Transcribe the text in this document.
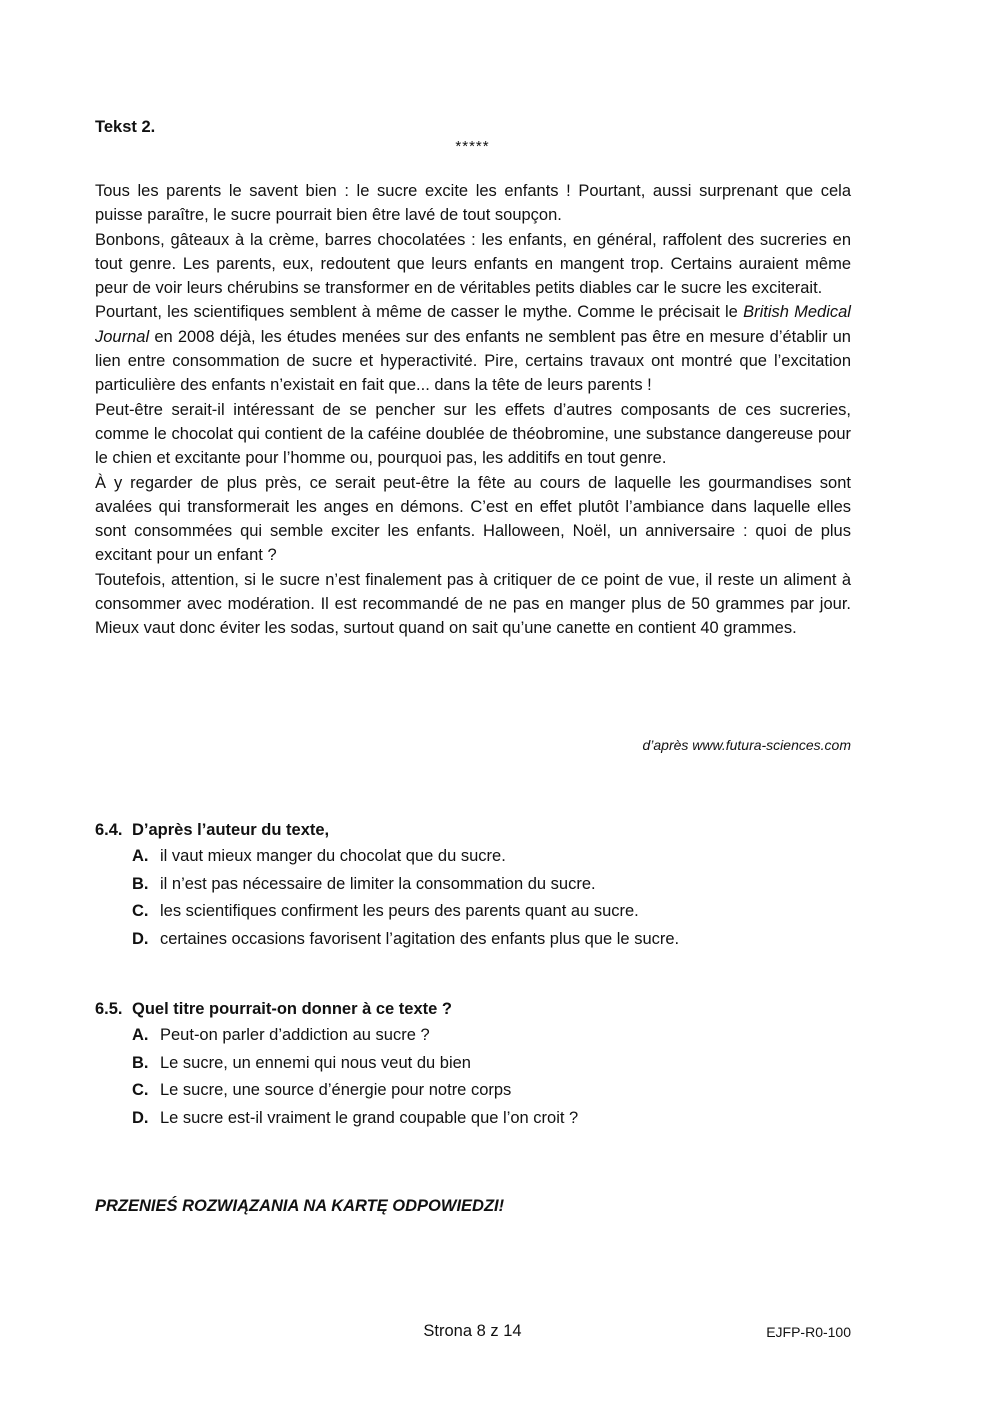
Tekst 2.
*****

Tous les parents le savent bien : le sucre excite les enfants ! Pourtant, aussi surprenant que cela puisse paraître, le sucre pourrait bien être lavé de tout soupçon.

Bonbons, gâteaux à la crème, barres chocolatées : les enfants, en général, raffolent des sucreries en tout genre. Les parents, eux, redoutent que leurs enfants en mangent trop. Certains auraient même peur de voir leurs chérubins se transformer en de véritables petits diables car le sucre les exciterait.

Pourtant, les scientifiques semblent à même de casser le mythe. Comme le précisait le British Medical Journal en 2008 déjà, les études menées sur des enfants ne semblent pas être en mesure d’établir un lien entre consommation de sucre et hyperactivité. Pire, certains travaux ont montré que l’excitation particulière des enfants n’existait en fait que... dans la tête de leurs parents !

Peut-être serait-il intéressant de se pencher sur les effets d’autres composants de ces sucreries, comme le chocolat qui contient de la caféine doublée de théobromine, une substance dangereuse pour le chien et excitante pour l’homme ou, pourquoi pas, les additifs en tout genre.

À y regarder de plus près, ce serait peut-être la fête au cours de laquelle les gourmandises sont avalées qui transformerait les anges en démons. C’est en effet plutôt l’ambiance dans laquelle elles sont consommées qui semble exciter les enfants. Halloween, Noël, un anniversaire : quoi de plus excitant pour un enfant ?

Toutefois, attention, si le sucre n’est finalement pas à critiquer de ce point de vue, il reste un aliment à consommer avec modération. Il est recommandé de ne pas en manger plus de 50 grammes par jour. Mieux vaut donc éviter les sodas, surtout quand on sait qu’une canette en contient 40 grammes.

d’après www.futura-sciences.com
6.4. D’après l’auteur du texte,
A. il vaut mieux manger du chocolat que du sucre.
B. il n’est pas nécessaire de limiter la consommation du sucre.
C. les scientifiques confirment les peurs des parents quant au sucre.
D. certaines occasions favorisent l’agitation des enfants plus que le sucre.
6.5. Quel titre pourrait-on donner à ce texte ?
A. Peut-on parler d’addiction au sucre ?
B. Le sucre, un ennemi qui nous veut du bien
C. Le sucre, une source d’énergie pour notre corps
D. Le sucre est-il vraiment le grand coupable que l’on croit ?
PRZENIEŚ ROZWIĄZANIA NA KARTĘ ODPOWIEDZI!
Strona 8 z 14	EJFP-R0-100
